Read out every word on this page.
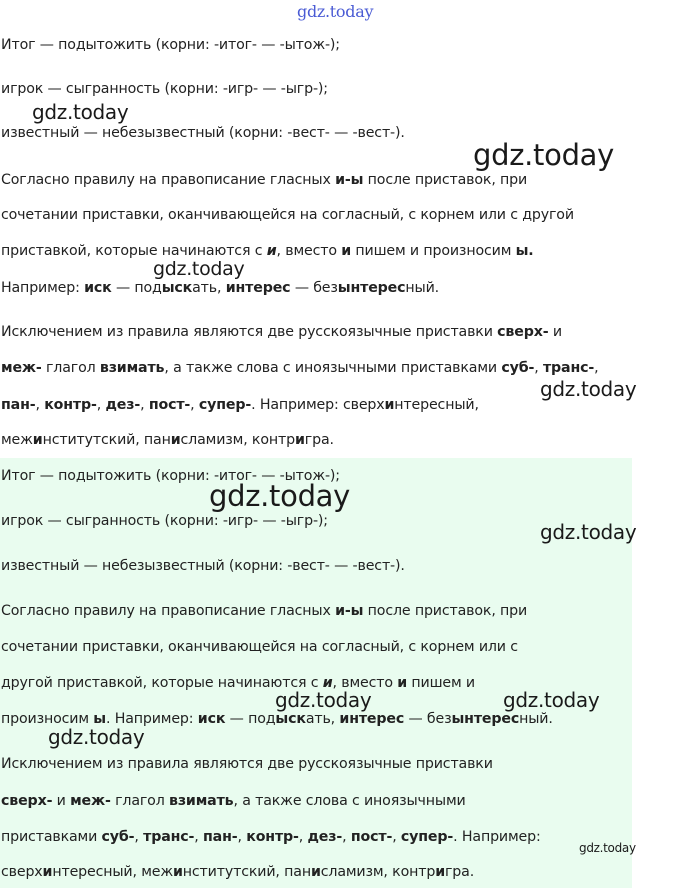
Итог — подытожить (корни: -итог- — -ытож-);
игрок — сыгранность (корни: -игр- — -ыгр-);
известный — небезызвестный (корни: -вест- — -вест-).
Согласно правилу на правописание гласных и-ы после приставок, при
сочетании приставки, оканчивающейся на согласный, с корнем или с другой
приставкой, которые начинаются с и, вместо и пишем и произносим ы.
Например: иск — подыскать, интерес — безынтересный.
Исключением из правила являются две русскоязычные приставки сверх- и
меж- глагол взимать, а также слова с иноязычными приставками суб-, транс-,
пан-, контр-, дез-, пост-, супер-. Например: сверхинтересный,
межинститутский, панисламизм, контригра.
Итог — подытожить (корни: -итог- — -ытож-);
игрок — сыгранность (корни: -игр- — -ыгр-);
известный — небезызвестный (корни: -вест- — -вест-).
Согласно правилу на правописание гласных и-ы после приставок, при
сочетании приставки, оканчивающейся на согласный, с корнем или с
другой приставкой, которые начинаются с и, вместо и пишем и
произносим ы. Например: иск — подыскать, интерес — безынтересный.
Исключением из правила являются две русскоязычные приставки
сверх- и меж- глагол взимать, а также слова с иноязычными
приставками суб-, транс-, пан-, контр-, дез-, пост-, супер-. Например:
сверхинтересный, межинститутский, панисламизм, контригра.
gdz.today
gdz.today
gdz.today
gdz.today
gdz.today
gdz.today
gdz.today
gdz.today	gdz.today
gdz.today
gdz.today
